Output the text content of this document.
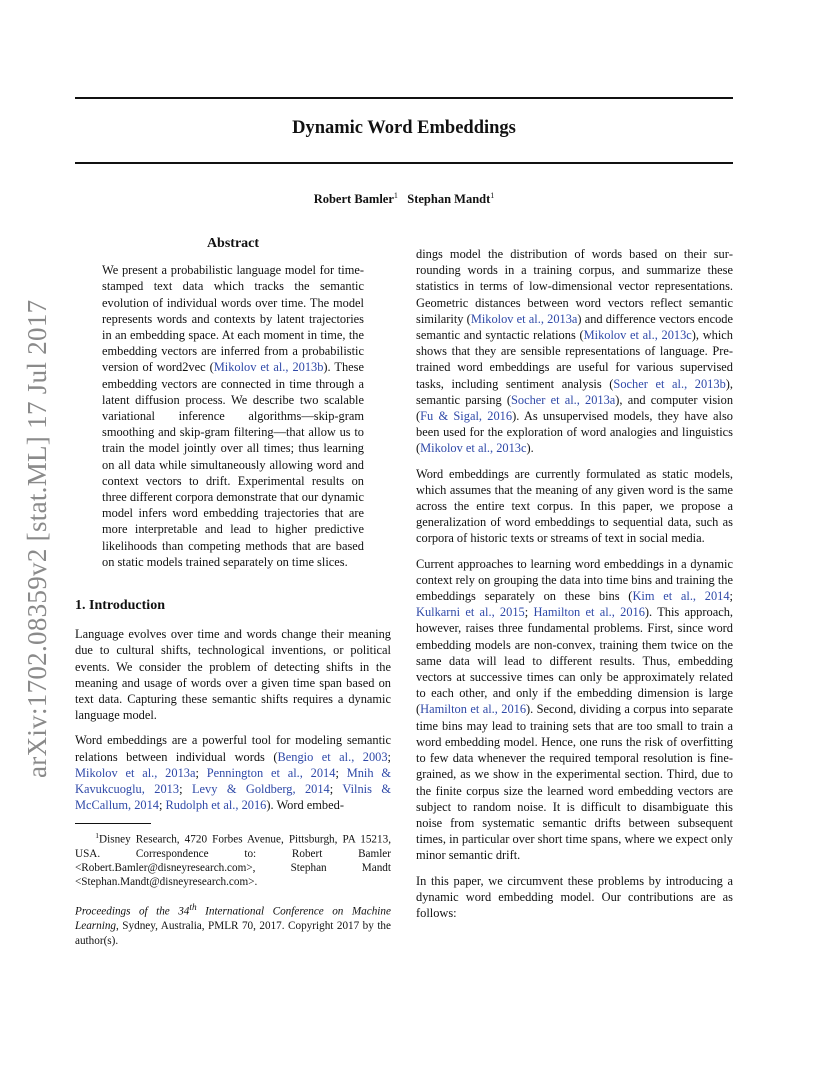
Dynamic Word Embeddings
Robert Bamler$^1$ Stephan Mandt$^1$
arXiv:1702.08359v2 [stat.ML] 17 Jul 2017
Abstract
We present a probabilistic language model for time-stamped text data which tracks the semantic evolution of individual words over time. The model represents words and contexts by latent trajectories in an embedding space. At each moment in time, the embedding vectors are inferred from a probabilistic version of word2vec (Mikolov et al., 2013b). These embedding vectors are connected in time through a latent diffusion process. We describe two scalable variational inference algorithms—skip-gram smoothing and skip-gram filtering—that allow us to train the model jointly over all times; thus learning on all data while simultaneously allowing word and context vectors to drift. Experimental results on three different corpora demonstrate that our dynamic model infers word embedding trajectories that are more interpretable and lead to higher predictive likelihoods than competing methods that are based on static models trained separately on time slices.
1. Introduction

Language evolves over time and words change their meaning due to cultural shifts, technological inventions, or political events. We consider the problem of detecting shifts in the meaning and usage of words over a given time span based on text data. Capturing these semantic shifts requires a dynamic language model.

Word embeddings are a powerful tool for modeling semantic relations between individual words (Bengio et al., 2003; Mikolov et al., 2013a; Pennington et al., 2014; Mnih & Kavukcuoglu, 2013; Levy & Goldberg, 2014; Vilnis & McCallum, 2014; Rudolph et al., 2016). Word embed-

$^1$Disney Research, 4720 Forbes Avenue, Pittsburgh, PA 15213, USA. Correspondence to: Robert Bamler <Robert.Bamler@disneyresearch.com>, Stephan Mandt <Stephan.Mandt@disneyresearch.com>.
Proceedings of the 34th International Conference on Machine Learning, Sydney, Australia, PMLR 70, 2017. Copyright 2017 by the author(s).

dings model the distribution of words based on their surrounding words in a training corpus, and summarize these statistics in terms of low-dimensional vector representations. Geometric distances between word vectors reflect semantic similarity (Mikolov et al., 2013a) and difference vectors encode semantic and syntactic relations (Mikolov et al., 2013c), which shows that they are sensible representations of language. Pre-trained word embeddings are useful for various supervised tasks, including sentiment analysis (Socher et al., 2013b), semantic parsing (Socher et al., 2013a), and computer vision (Fu & Sigal, 2016). As unsupervised models, they have also been used for the exploration of word analogies and linguistics (Mikolov et al., 2013c).

Word embeddings are currently formulated as static models, which assumes that the meaning of any given word is the same across the entire text corpus. In this paper, we propose a generalization of word embeddings to sequential data, such as corpora of historic texts or streams of text in social media.

Current approaches to learning word embeddings in a dynamic context rely on grouping the data into time bins and training the embeddings separately on these bins (Kim et al., 2014; Kulkarni et al., 2015; Hamilton et al., 2016). This approach, however, raises three fundamental problems. First, since word embedding models are non-convex, training them twice on the same data will lead to different results. Thus, embedding vectors at successive times can only be approximately related to each other, and only if the embedding dimension is large (Hamilton et al., 2016). Second, dividing a corpus into separate time bins may lead to training sets that are too small to train a word embedding model. Hence, one runs the risk of overfitting to few data whenever the required temporal resolution is fine-grained, as we show in the experimental section. Third, due to the finite corpus size the learned word embedding vectors are subject to random noise. It is difficult to disambiguate this noise from systematic semantic drifts between subsequent times, in particular over short time spans, where we expect only minor semantic drift.

In this paper, we circumvent these problems by introducing a dynamic word embedding model. Our contributions are as follows:
